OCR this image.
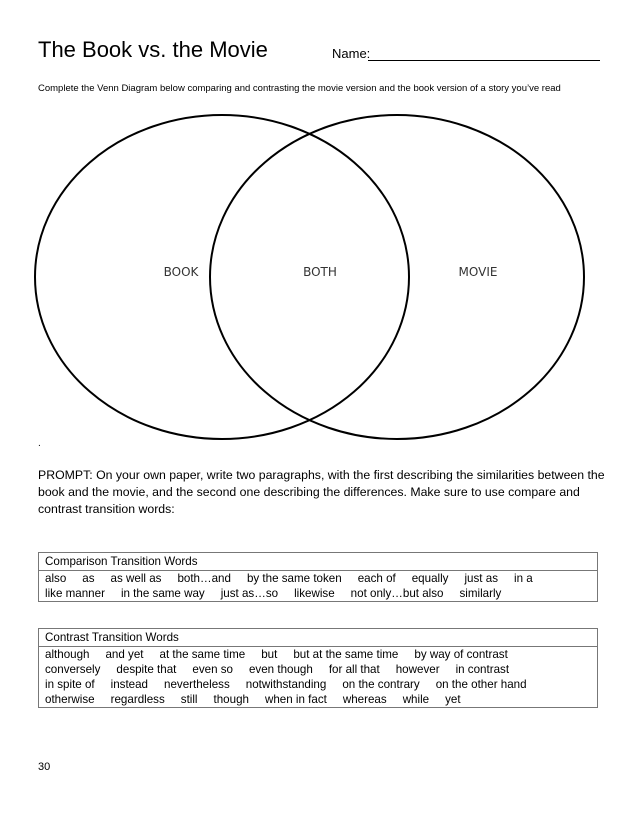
The Book vs. the Movie	Name:
Complete the Venn Diagram below comparing and contrasting the movie version and the book version of a story you’ve read
BOOK	BOTH	MOVIE
.
PROMPT: On your own paper, write two paragraphs, with the first describing the similarities between the book and the movie, and the second one describing the differences. Make sure to use compare and contrast transition words:
Comparison Transition Words
also as as well as both…and by the same token each of equally just as in a
like manner in the same way just as…so likewise not only…but also similarly
Contrast Transition Words
although and yet at the same time but but at the same time by way of contrast
conversely despite that even so even though for all that however in contrast
in spite of instead nevertheless notwithstanding on the contrary on the other hand
otherwise regardless still though when in fact whereas while yet
30
